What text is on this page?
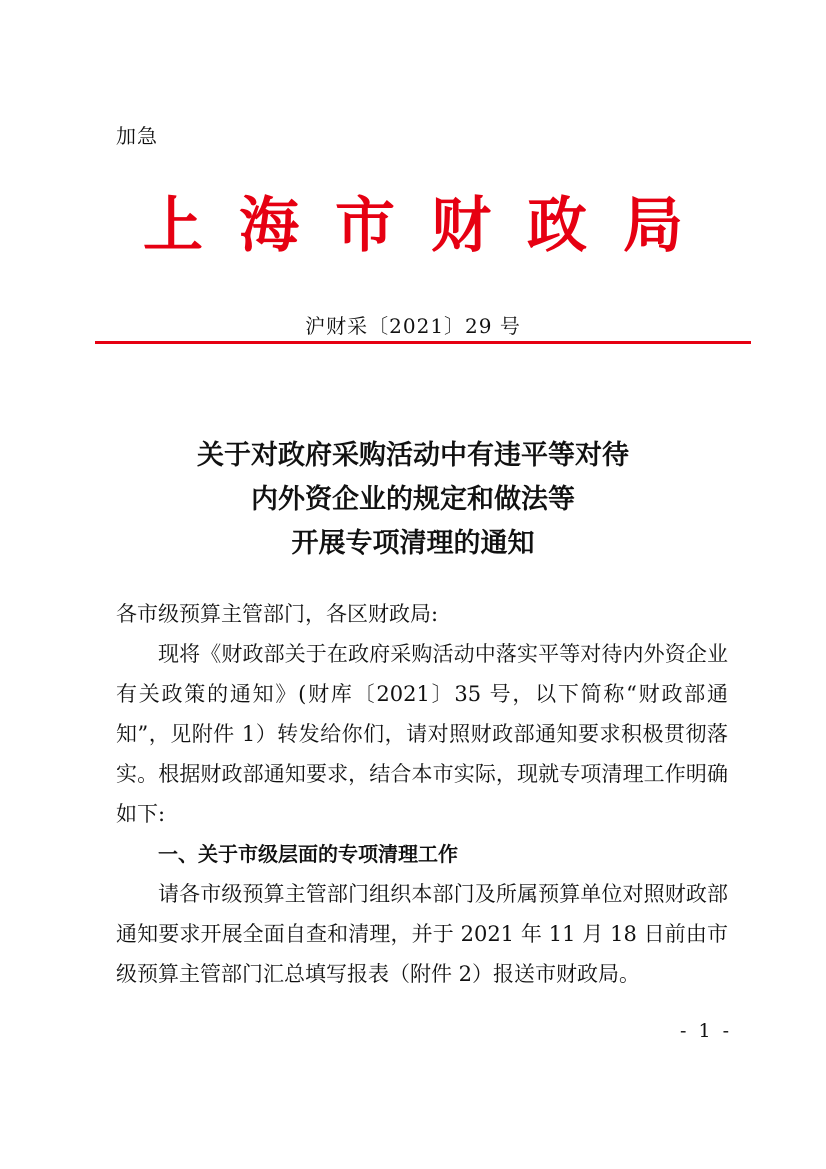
加急
上海市财政局
沪财采〔2021〕29 号
关于对政府采购活动中有违平等对待
内外资企业的规定和做法等
开展专项清理的通知

各市级预算主管部门，各区财政局:

现将《财政部关于在政府采购活动中落实平等对待内外资企业有关政策的通知》(财库〔2021〕35 号，以下简称“财政部通知”，见附件 1）转发给你们，请对照财政部通知要求积极贯彻落实。根据财政部通知要求，结合本市实际，现就专项清理工作明确如下:

一、关于市级层面的专项清理工作

请各市级预算主管部门组织本部门及所属预算单位对照财政部通知要求开展全面自查和清理，并于 2021 年 11 月 18 日前由市级预算主管部门汇总填写报表（附件 2）报送市财政局。

- 1 -
